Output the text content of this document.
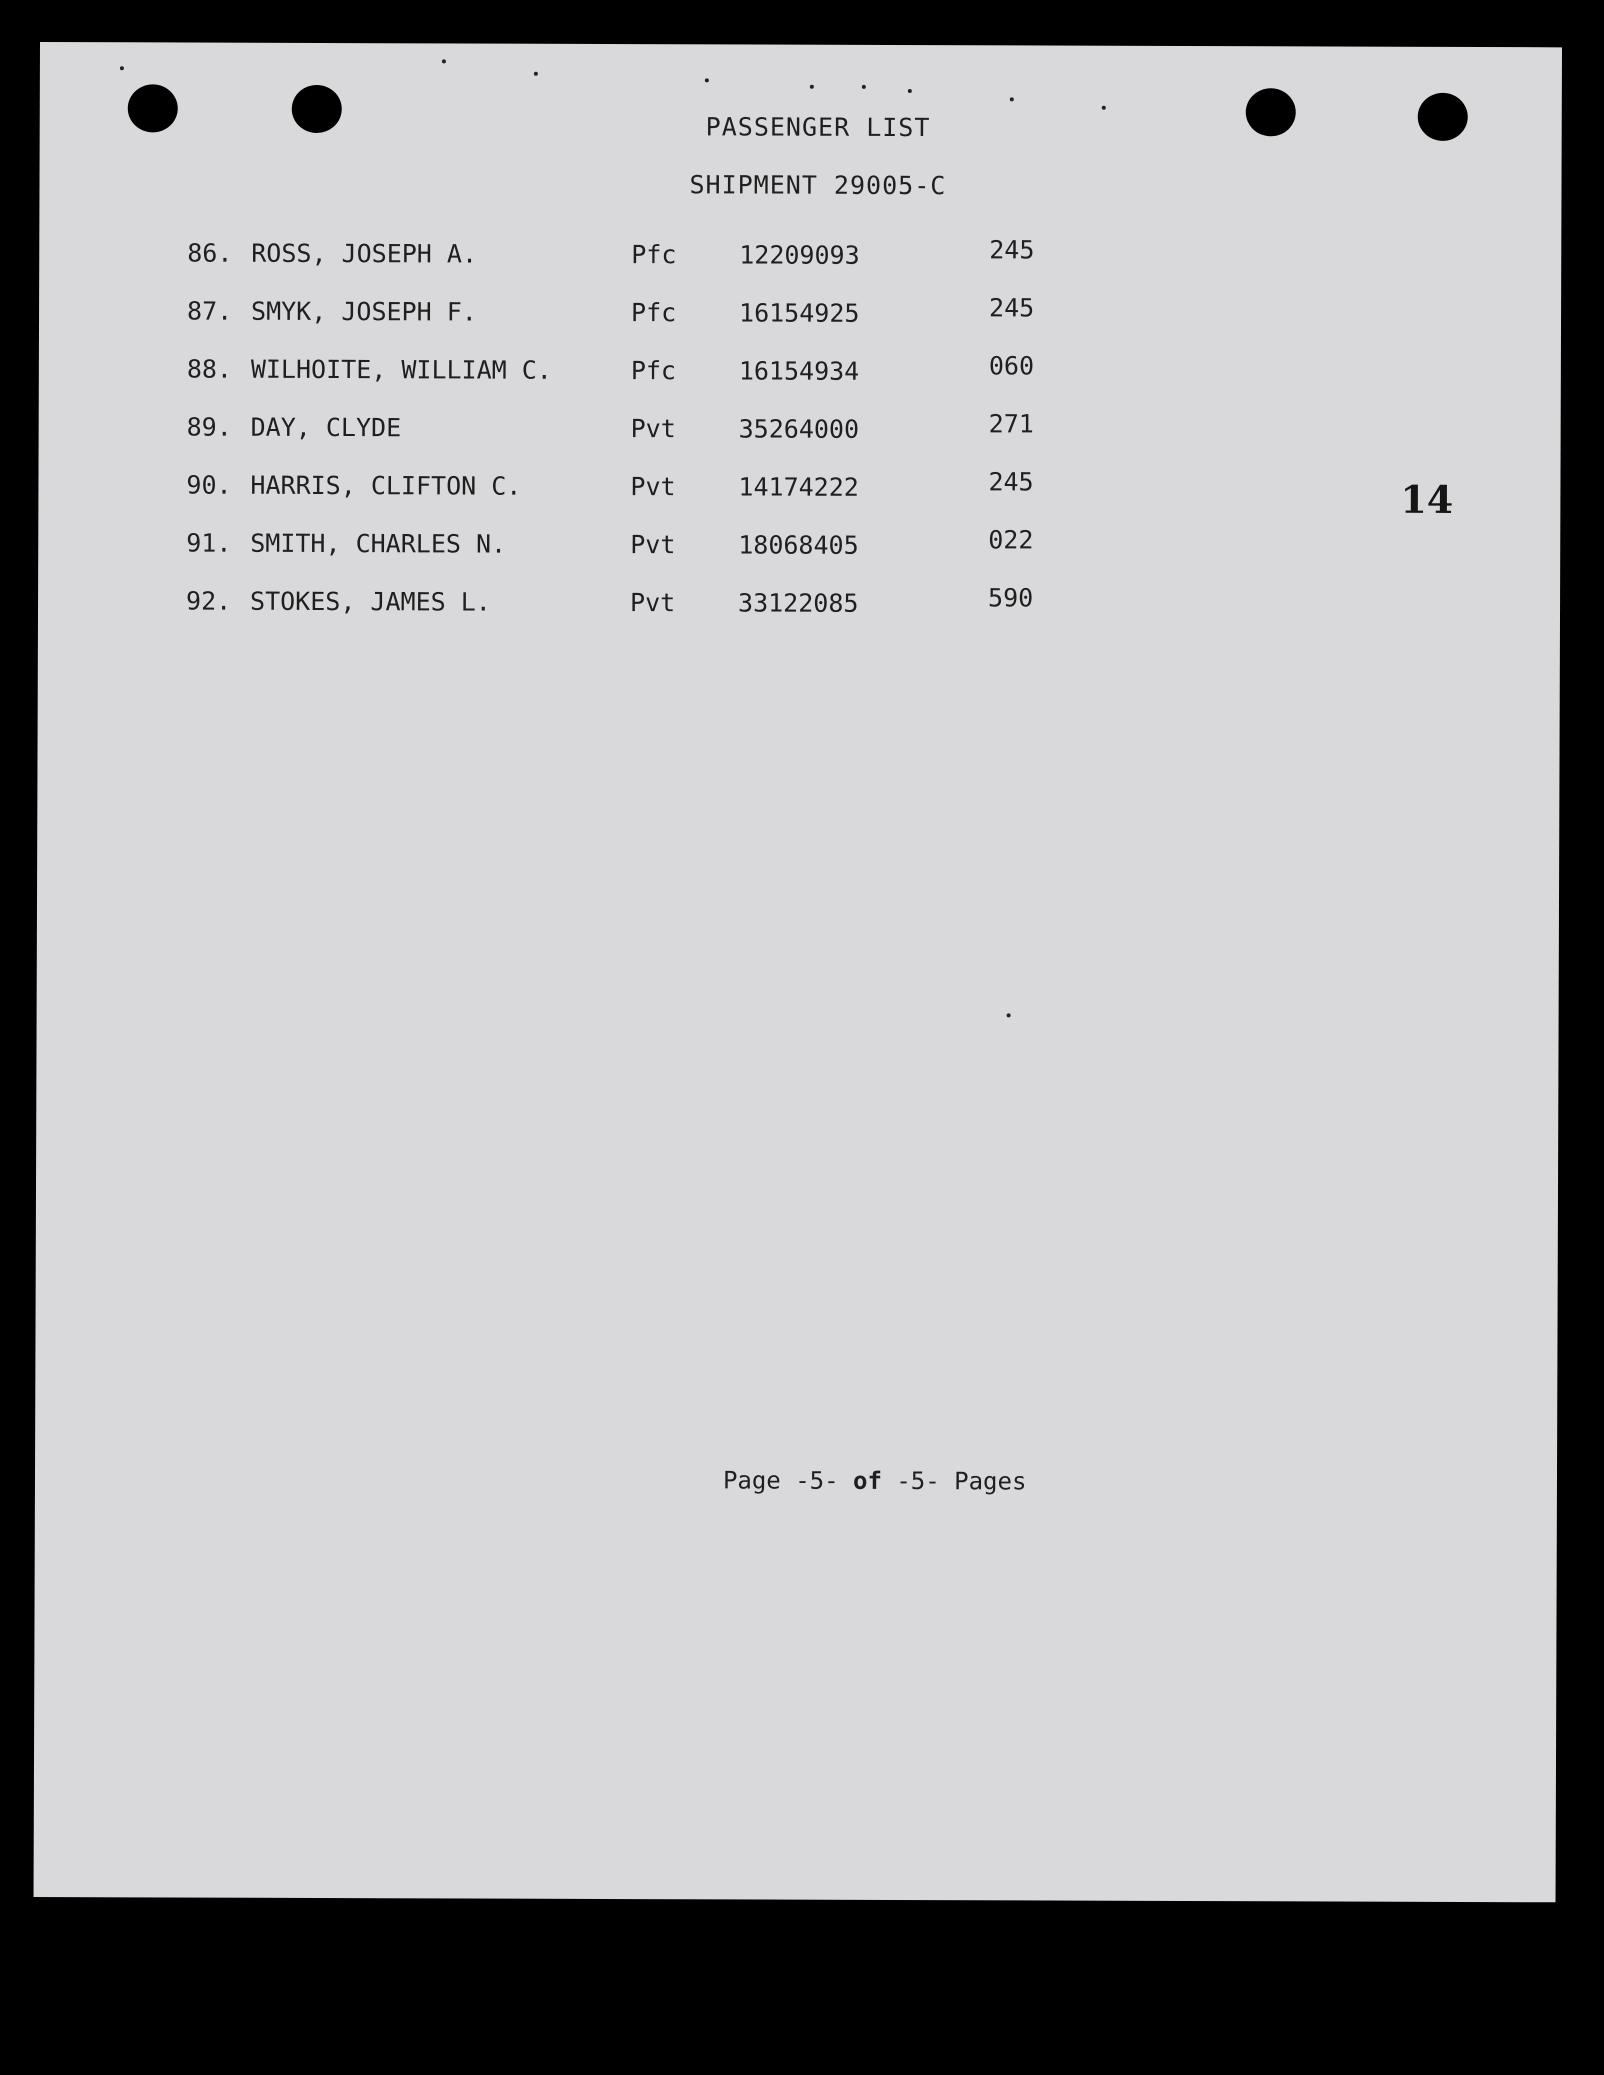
PASSENGER LIST
SHIPMENT 29005-C
86. ROSS, JOSEPH A.	Pfc	12209093	245
87. SMYK, JOSEPH F.	Pfc	16154925	245
88. WILHOITE, WILLIAM C.	Pfc	16154934	060
89. DAY, CLYDE	Pvt	35264000	271
90. HARRIS, CLIFTON C.	Pvt	14174222	245
91. SMITH, CHARLES N.	Pvt	18068405	022
92. STOKES, JAMES L.	Pvt	33122085	590
14
Page -5- of -5- Pages
